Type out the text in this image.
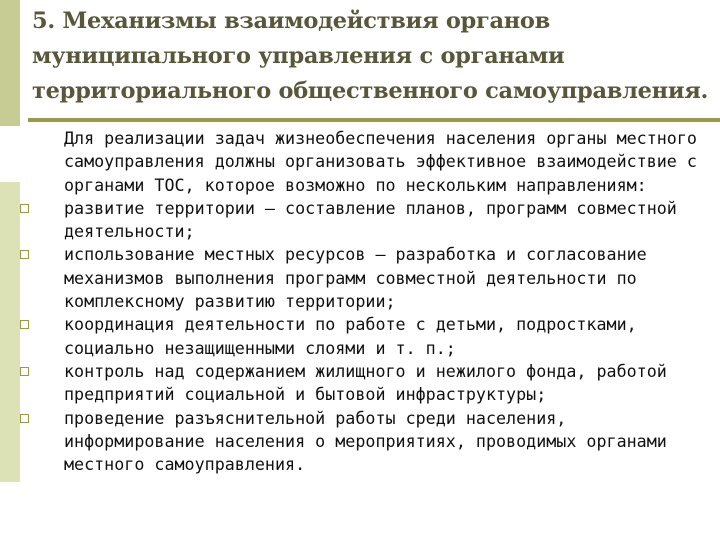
5. Механизмы взаимодействия органов муниципального управления с органами территориального общественного самоуправления.

Для реализации задач жизнеобеспечения населения органы местного самоуправления должны организовать эффективное взаимодействие с органами ТОС, которое возможно по нескольким направлениям:

развитие территории — составление планов, программ совместной деятельности;
использование местных ресурсов — разработка и согласование механизмов выполнения программ совместной деятельности по комплексному развитию территории;
координация деятельности по работе с детьми, подростками, социально незащищенными слоями и т. п.;
контроль над содержанием жилищного и нежилого фонда, работой предприятий социальной и бытовой инфраструктуры;
проведение разъяснительной работы среди населения, информирование населения о мероприятиях, проводимых органами местного самоуправления.
